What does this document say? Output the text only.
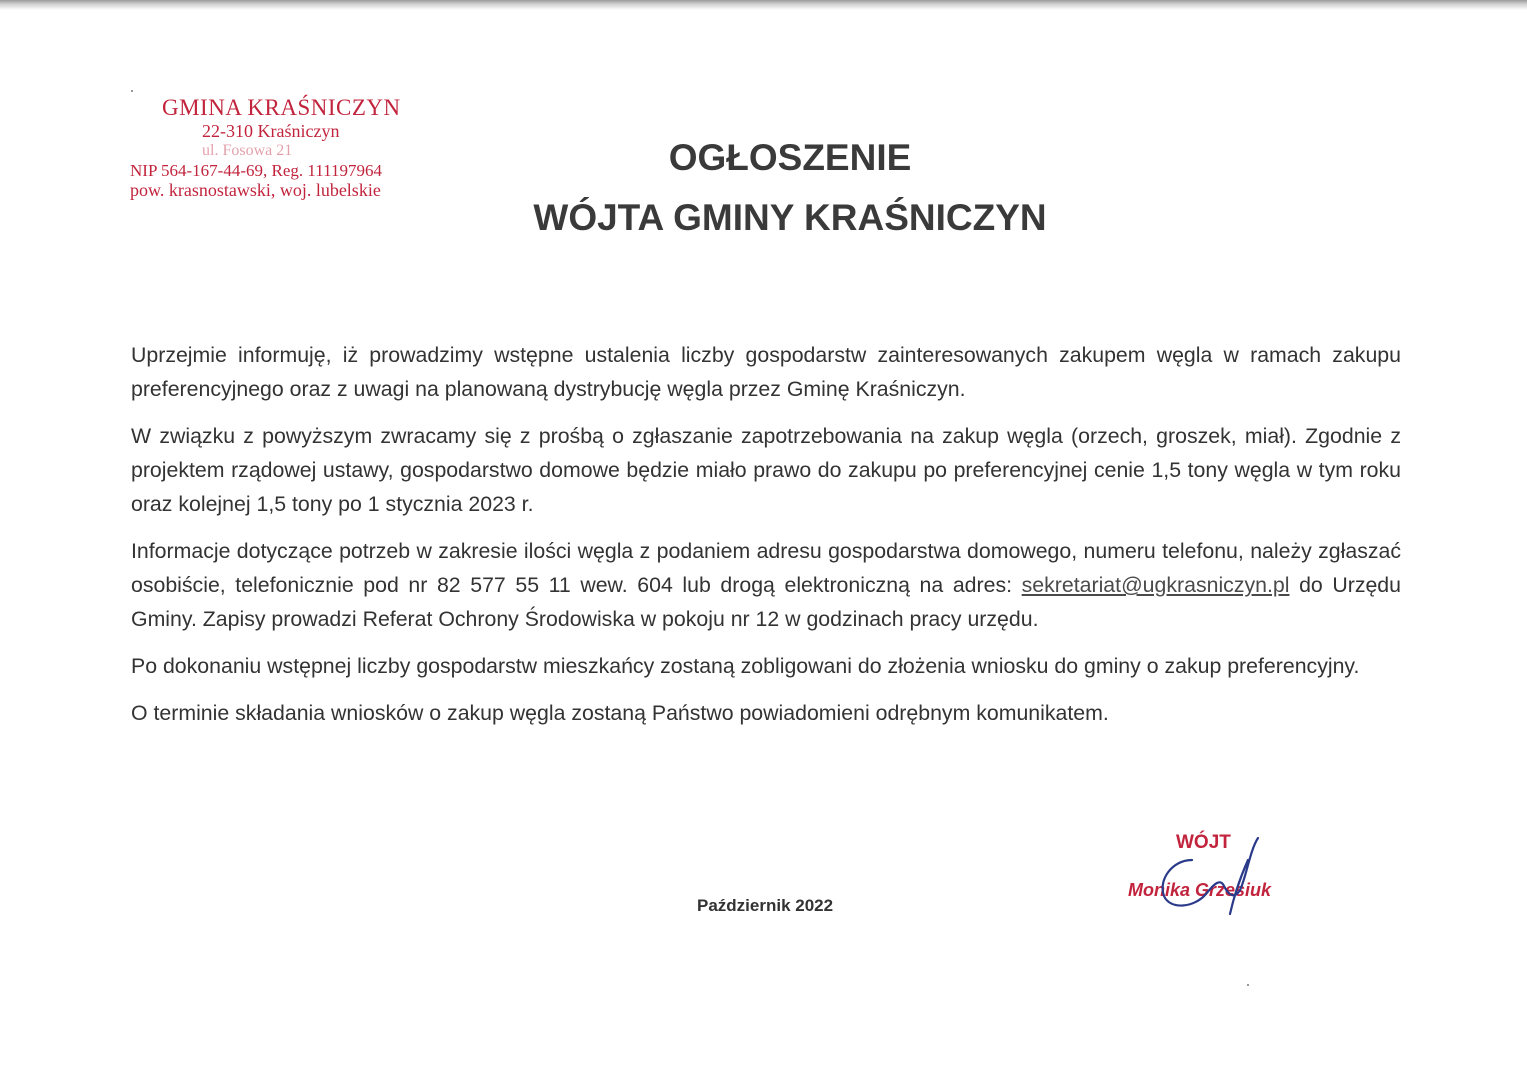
GMINA KRAŚNICZYN
22-310 Kraśniczyn
ul. Fosowa 21
NIP 564-167-44-69, Reg. 111197964
pow. krasnostawski, woj. lubelskie
OGŁOSZENIE
WÓJTA GMINY KRAŚNICZYN

Uprzejmie informuję, iż prowadzimy wstępne ustalenia liczby gospodarstw zainteresowanych zakupem węgla w ramach zakupu preferencyjnego oraz z uwagi na planowaną dystrybucję węgla przez Gminę Kraśniczyn.

W związku z powyższym zwracamy się z prośbą o zgłaszanie zapotrzebowania na zakup węgla (orzech, groszek, miał). Zgodnie z projektem rządowej ustawy, gospodarstwo domowe będzie miało prawo do zakupu po preferencyjnej cenie 1,5 tony węgla w tym roku oraz kolejnej 1,5 tony po 1 stycznia 2023 r.

Informacje dotyczące potrzeb w zakresie ilości węgla z podaniem adresu gospodarstwa domowego, numeru telefonu, należy zgłaszać osobiście, telefonicznie pod nr 82 577 55 11 wew. 604 lub drogą elektroniczną na adres: sekretariat@ugkrasniczyn.pl do Urzędu Gminy. Zapisy prowadzi Referat Ochrony Środowiska w pokoju nr 12 w godzinach pracy urzędu.

Po dokonaniu wstępnej liczby gospodarstw mieszkańcy zostaną zobligowani do złożenia wniosku do gminy o zakup preferencyjny.

O terminie składania wniosków o zakup węgla zostaną Państwo powiadomieni odrębnym komunikatem.

Październik 2022
WÓJT
Monika Grzesiuk
